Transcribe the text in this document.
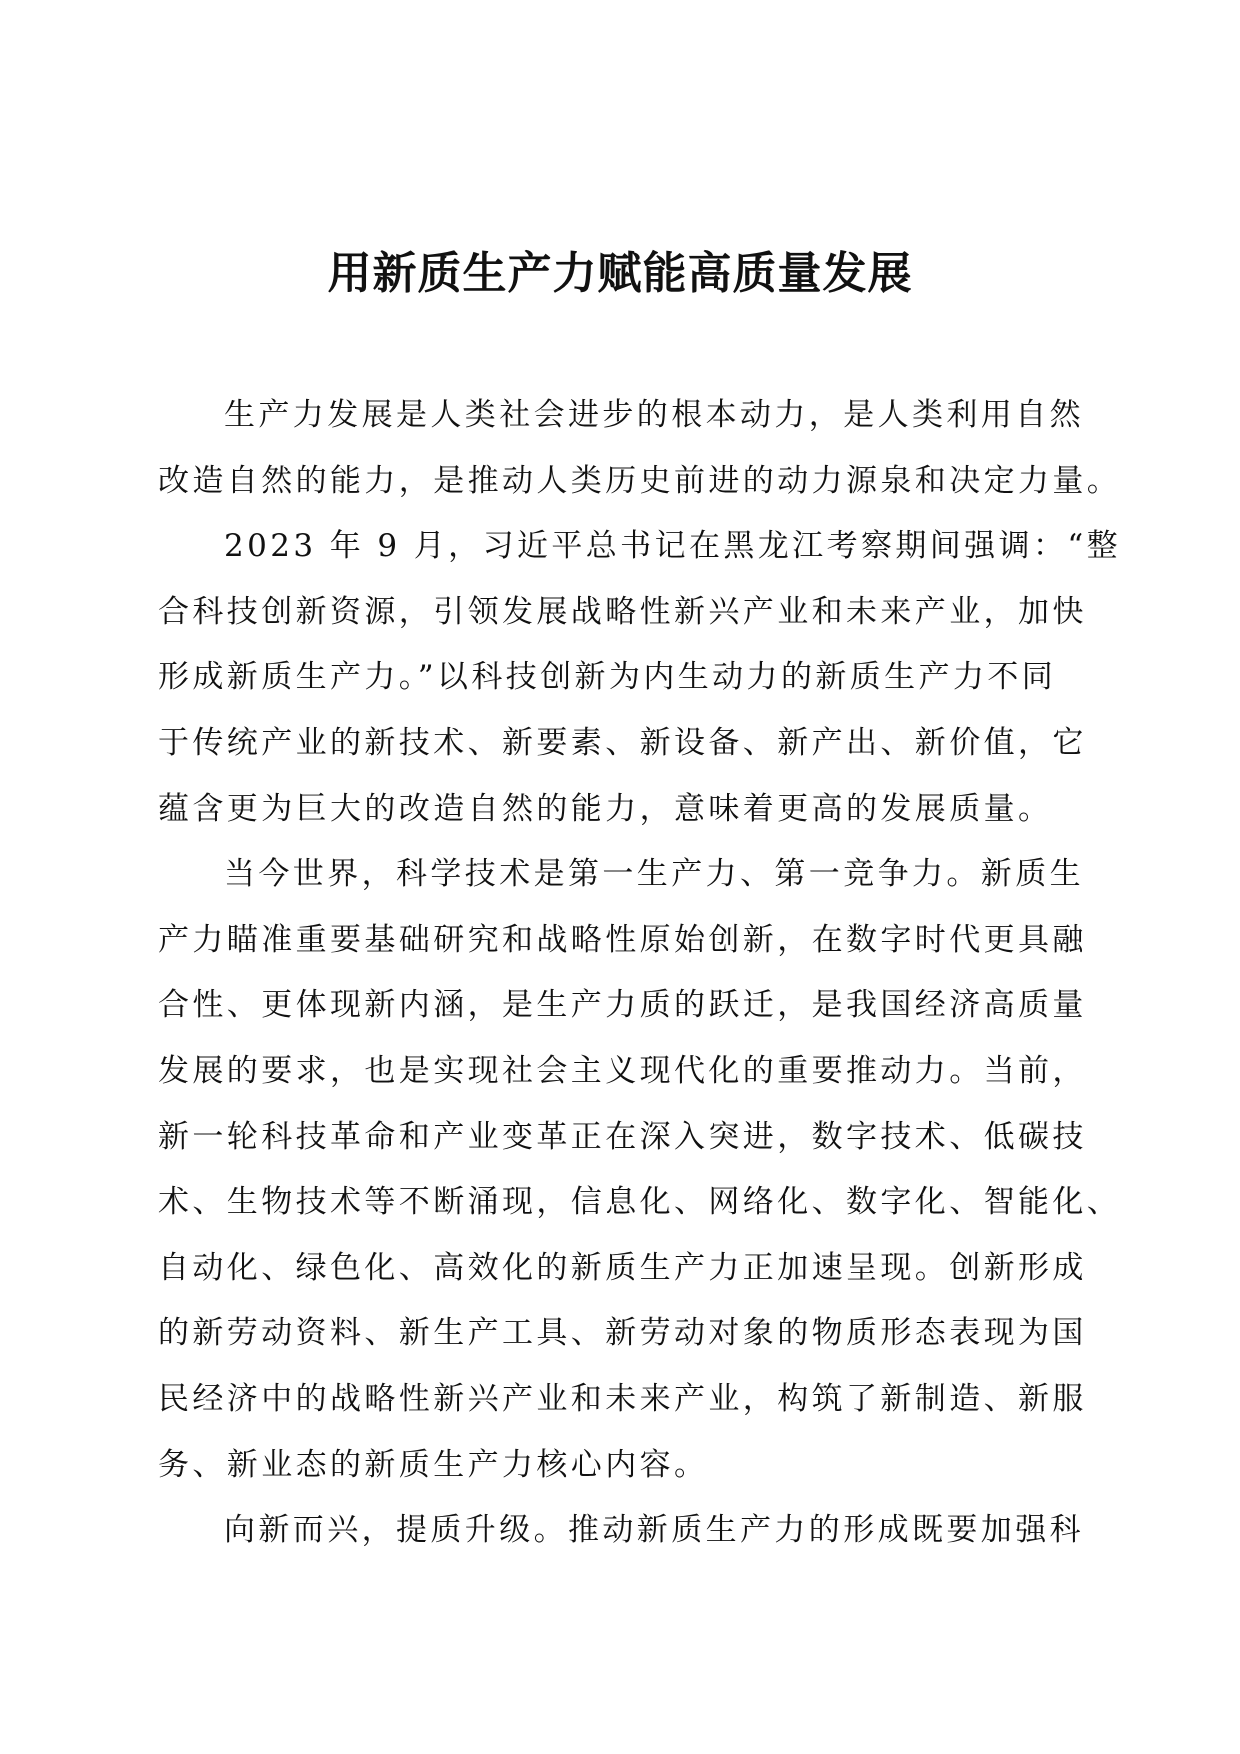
用新质生产力赋能高质量发展

生产力发展是人类社会进步的根本动力，是人类利用自然
改造自然的能力，是推动人类历史前进的动力源泉和决定力量。

2023 年 9 月，习近平总书记在黑龙江考察期间强调：“整
合科技创新资源，引领发展战略性新兴产业和未来产业，加快
形成新质生产力。”以科技创新为内生动力的新质生产力不同
于传统产业的新技术、新要素、新设备、新产出、新价值，它
蕴含更为巨大的改造自然的能力，意味着更高的发展质量。

当今世界，科学技术是第一生产力、第一竞争力。新质生
产力瞄准重要基础研究和战略性原始创新，在数字时代更具融
合性、更体现新内涵，是生产力质的跃迁，是我国经济高质量
发展的要求，也是实现社会主义现代化的重要推动力。当前，
新一轮科技革命和产业变革正在深入突进，数字技术、低碳技
术、生物技术等不断涌现，信息化、网络化、数字化、智能化、
自动化、绿色化、高效化的新质生产力正加速呈现。创新形成
的新劳动资料、新生产工具、新劳动对象的物质形态表现为国
民经济中的战略性新兴产业和未来产业，构筑了新制造、新服
务、新业态的新质生产力核心内容。

向新而兴，提质升级。推动新质生产力的形成既要加强科
